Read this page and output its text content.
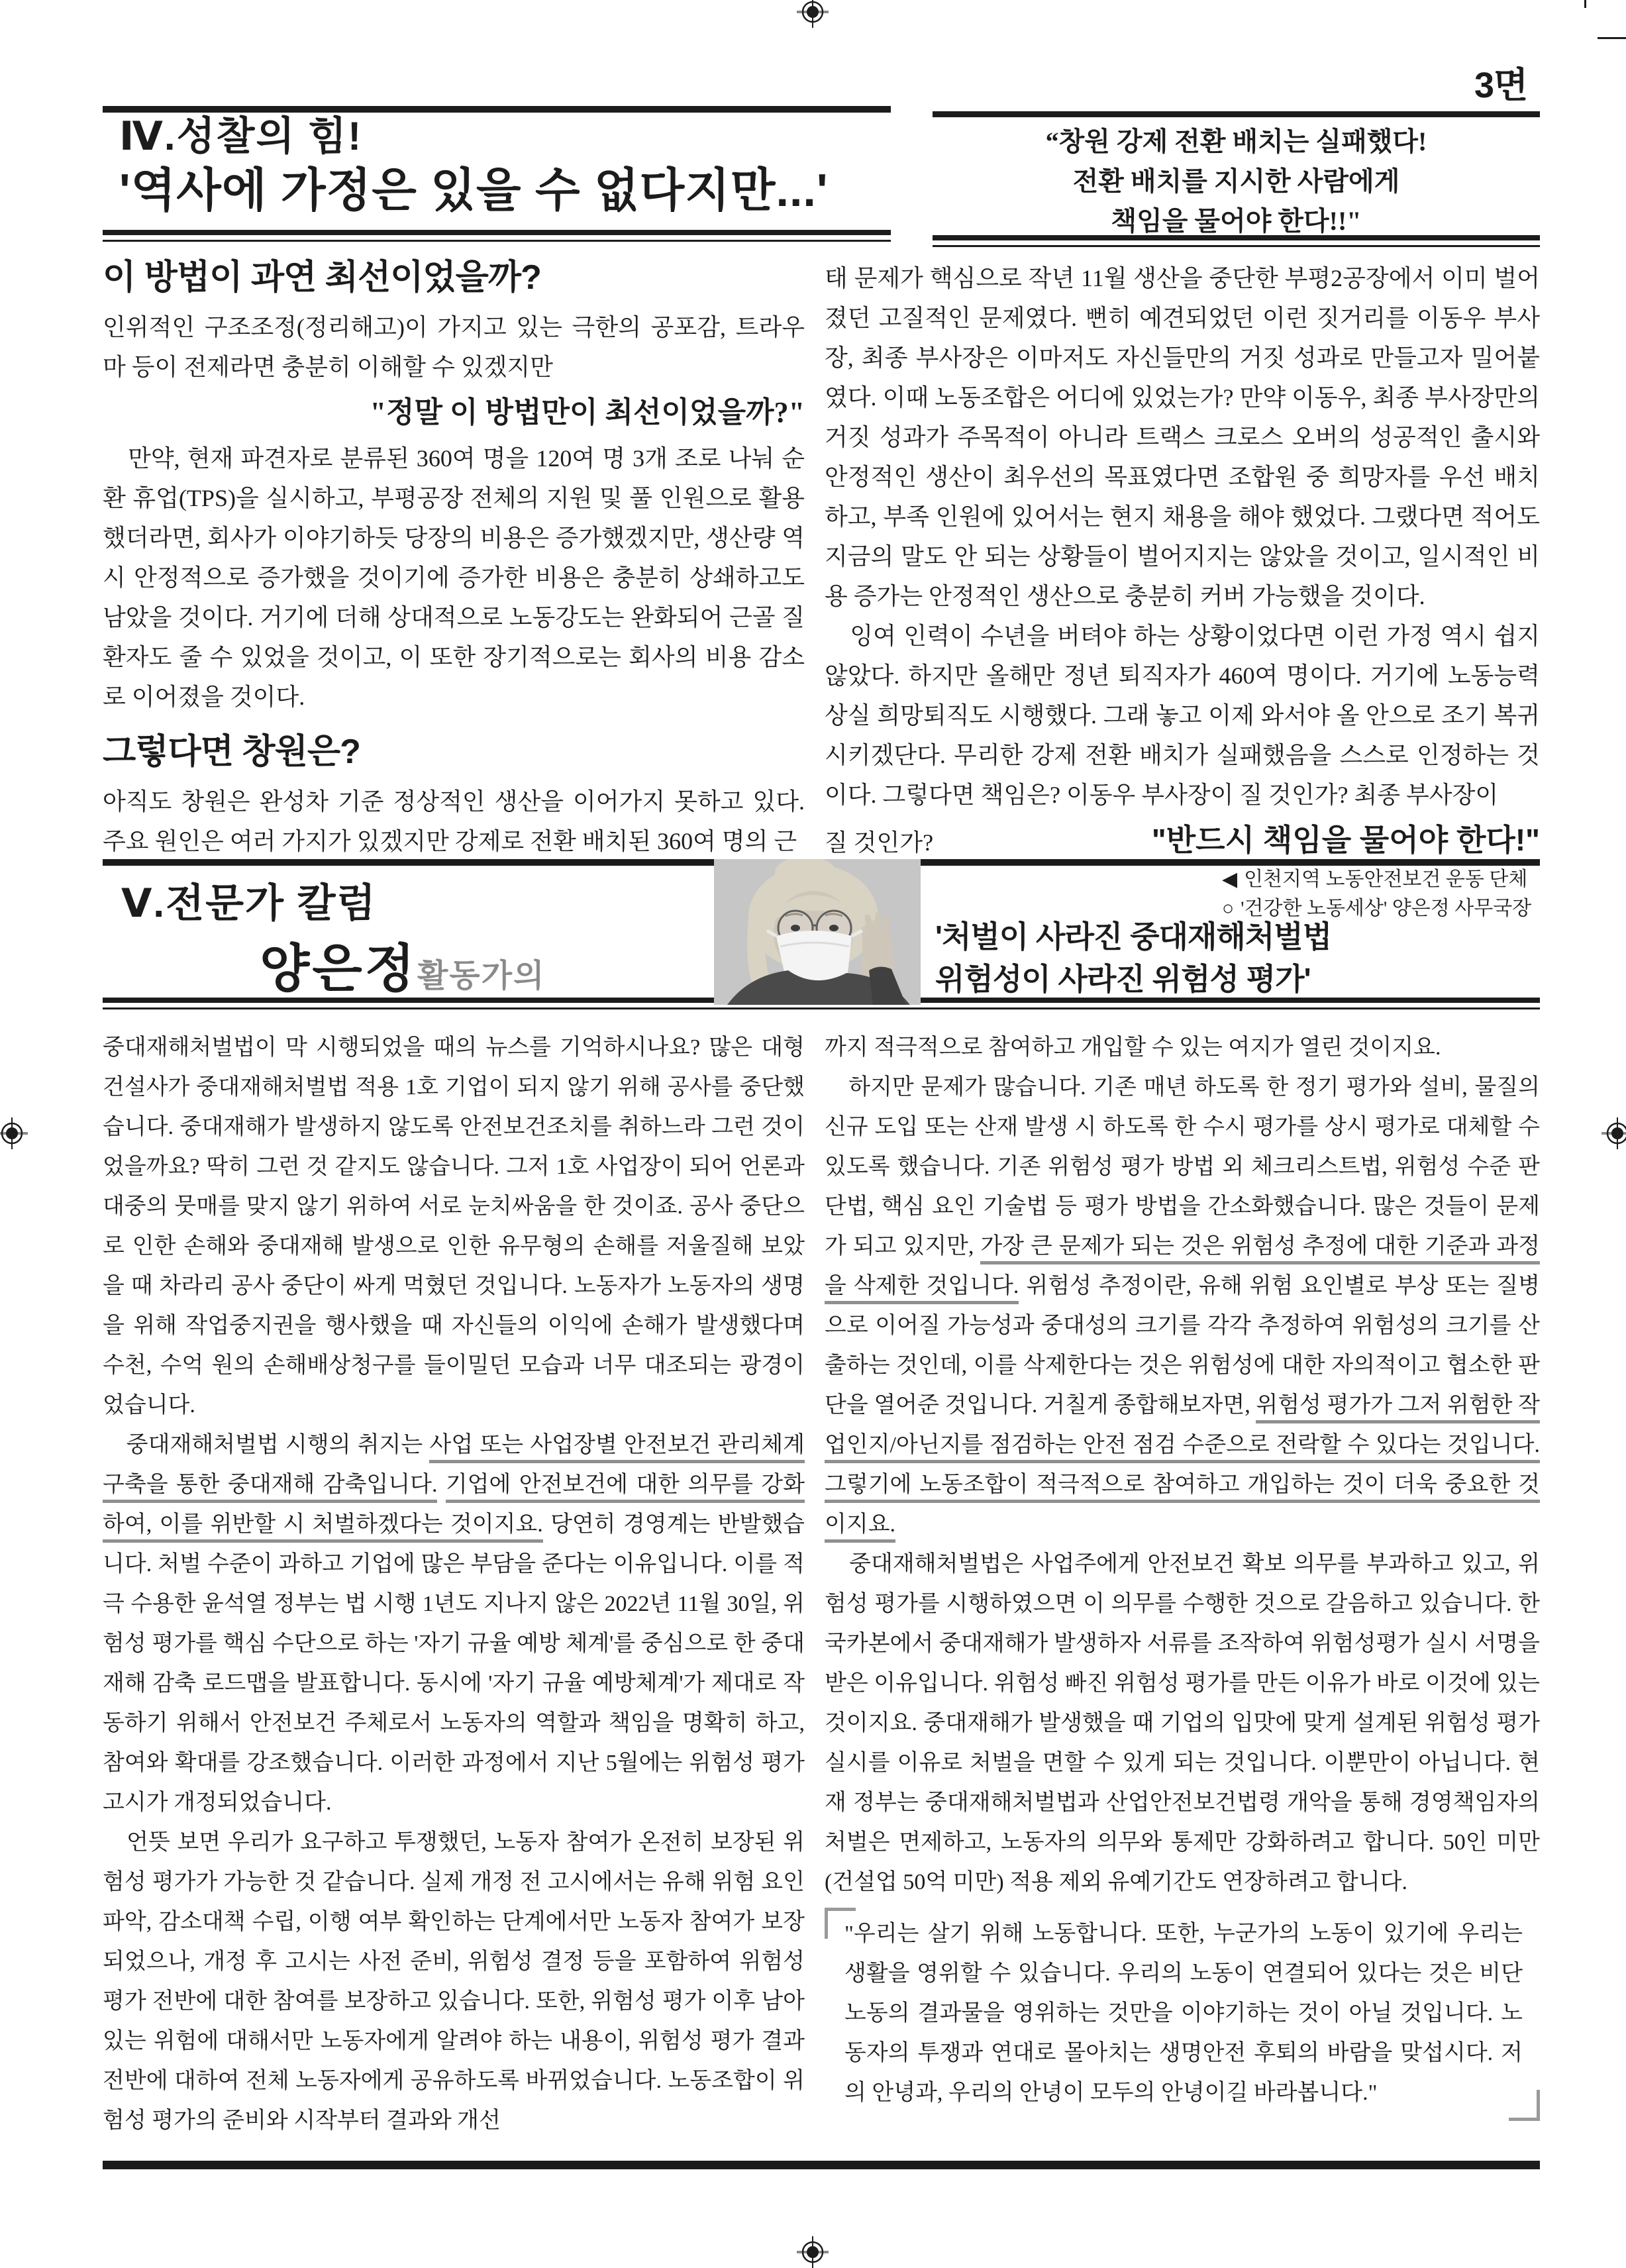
3면
Ⅳ.성찰의 힘!
'역사에 가정은 있을 수 없다지만...'
“창원 강제 전환 배치는 실패했다!
전환 배치를 지시한 사람에게
책임을 물어야 한다!!"
이 방법이 과연 최선이었을까?

인위적인 구조조정(정리해고)이 가지고 있는 극한의 공포감, 트라우마 등이 전제라면 충분히 이해할 수 있겠지만

"정말 이 방법만이 최선이었을까?"

　만약, 현재 파견자로 분류된 360여 명을 120여 명 3개 조로 나눠 순환 휴업(TPS)을 실시하고, 부평공장 전체의 지원 및 풀 인원으로 활용했더라면, 회사가 이야기하듯 당장의 비용은 증가했겠지만, 생산량 역시 안정적으로 증가했을 것이기에 증가한 비용은 충분히 상쇄하고도 남았을 것이다. 거기에 더해 상대적으로 노동강도는 완화되어 근골 질환자도 줄 수 있었을 것이고, 이 또한 장기적으로는 회사의 비용 감소로 이어졌을 것이다.

그렇다면 창원은?

아직도 창원은 완성차 기준 정상적인 생산을 이어가지 못하고 있다. 주요 원인은 여러 가지가 있겠지만 강제로 전환 배치된 360여 명의 근

태 문제가 핵심으로 작년 11월 생산을 중단한 부평2공장에서 이미 벌어졌던 고질적인 문제였다. 뻔히 예견되었던 이런 짓거리를 이동우 부사장, 최종 부사장은 이마저도 자신들만의 거짓 성과로 만들고자 밀어붙였다. 이때 노동조합은 어디에 있었는가? 만약 이동우, 최종 부사장만의 거짓 성과가 주목적이 아니라 트랙스 크로스 오버의 성공적인 출시와 안정적인 생산이 최우선의 목표였다면 조합원 중 희망자를 우선 배치하고, 부족 인원에 있어서는 현지 채용을 해야 했었다. 그랬다면 적어도 지금의 말도 안 되는 상황들이 벌어지지는 않았을 것이고, 일시적인 비용 증가는 안정적인 생산으로 충분히 커버 가능했을 것이다.

　잉여 인력이 수년을 버텨야 하는 상황이었다면 이런 가정 역시 쉽지 않았다. 하지만 올해만 정년 퇴직자가 460여 명이다. 거기에 노동능력 상실 희망퇴직도 시행했다. 그래 놓고 이제 와서야 올 안으로 조기 복귀시키겠단다. 무리한 강제 전환 배치가 실패했음을 스스로 인정하는 것이다. 그렇다면 책임은? 이동우 부사장이 질 것인가? 최종 부사장이

질 것인가?	"반드시 책임을 물어야 한다!"
Ⅴ.전문가 칼럼
양은정활동가의
◀ 인천지역 노동안전보건 운동 단체
○ '건강한 노동세상' 양은정 사무국장
'처벌이 사라진 중대재해처벌법
위험성이 사라진 위험성 평가'

중대재해처벌법이 막 시행되었을 때의 뉴스를 기억하시나요? 많은 대형 건설사가 중대재해처벌법 적용 1호 기업이 되지 않기 위해 공사를 중단했습니다. 중대재해가 발생하지 않도록 안전보건조치를 취하느라 그런 것이었을까요? 딱히 그런 것 같지도 않습니다. 그저 1호 사업장이 되어 언론과 대중의 뭇매를 맞지 않기 위하여 서로 눈치싸움을 한 것이죠. 공사 중단으로 인한 손해와 중대재해 발생으로 인한 유무형의 손해를 저울질해 보았을 때 차라리 공사 중단이 싸게 먹혔던 것입니다. 노동자가 노동자의 생명을 위해 작업중지권을 행사했을 때 자신들의 이익에 손해가 발생했다며 수천, 수억 원의 손해배상청구를 들이밀던 모습과 너무 대조되는 광경이었습니다.

　중대재해처벌법 시행의 취지는 사업 또는 사업장별 안전보건 관리체계 구축을 통한 중대재해 감축입니다. 기업에 안전보건에 대한 의무를 강화하여, 이를 위반할 시 처벌하겠다는 것이지요. 당연히 경영계는 반발했습니다. 처벌 수준이 과하고 기업에 많은 부담을 준다는 이유입니다. 이를 적극 수용한 윤석열 정부는 법 시행 1년도 지나지 않은 2022년 11월 30일, 위험성 평가를 핵심 수단으로 하는 '자기 규율 예방 체계'를 중심으로 한 중대재해 감축 로드맵을 발표합니다. 동시에 '자기 규율 예방체계'가 제대로 작동하기 위해서 안전보건 주체로서 노동자의 역할과 책임을 명확히 하고, 참여와 확대를 강조했습니다. 이러한 과정에서 지난 5월에는 위험성 평가 고시가 개정되었습니다.

　언뜻 보면 우리가 요구하고 투쟁했던, 노동자 참여가 온전히 보장된 위험성 평가가 가능한 것 같습니다. 실제 개정 전 고시에서는 유해 위험 요인 파악, 감소대책 수립, 이행 여부 확인하는 단계에서만 노동자 참여가 보장되었으나, 개정 후 고시는 사전 준비, 위험성 결정 등을 포함하여 위험성 평가 전반에 대한 참여를 보장하고 있습니다. 또한, 위험성 평가 이후 남아있는 위험에 대해서만 노동자에게 알려야 하는 내용이, 위험성 평가 결과 전반에 대하여 전체 노동자에게 공유하도록 바뀌었습니다. 노동조합이 위험성 평가의 준비와 시작부터 결과와 개선

까지 적극적으로 참여하고 개입할 수 있는 여지가 열린 것이지요.

　하지만 문제가 많습니다. 기존 매년 하도록 한 정기 평가와 설비, 물질의 신규 도입 또는 산재 발생 시 하도록 한 수시 평가를 상시 평가로 대체할 수 있도록 했습니다. 기존 위험성 평가 방법 외 체크리스트법, 위험성 수준 판단법, 핵심 요인 기술법 등 평가 방법을 간소화했습니다. 많은 것들이 문제가 되고 있지만, 가장 큰 문제가 되는 것은 위험성 추정에 대한 기준과 과정을 삭제한 것입니다. 위험성 추정이란, 유해 위험 요인별로 부상 또는 질병으로 이어질 가능성과 중대성의 크기를 각각 추정하여 위험성의 크기를 산출하는 것인데, 이를 삭제한다는 것은 위험성에 대한 자의적이고 협소한 판단을 열어준 것입니다. 거칠게 종합해보자면, 위험성 평가가 그저 위험한 작업인지/아닌지를 점검하는 안전 점검 수준으로 전락할 수 있다는 것입니다. 그렇기에 노동조합이 적극적으로 참여하고 개입하는 것이 더욱 중요한 것이지요.

　중대재해처벌법은 사업주에게 안전보건 확보 의무를 부과하고 있고, 위험성 평가를 시행하였으면 이 의무를 수행한 것으로 갈음하고 있습니다. 한국카본에서 중대재해가 발생하자 서류를 조작하여 위험성평가 실시 서명을 받은 이유입니다. 위험성 빠진 위험성 평가를 만든 이유가 바로 이것에 있는 것이지요. 중대재해가 발생했을 때 기업의 입맛에 맞게 설계된 위험성 평가 실시를 이유로 처벌을 면할 수 있게 되는 것입니다. 이뿐만이 아닙니다. 현재 정부는 중대재해처벌법과 산업안전보건법령 개악을 통해 경영책임자의 처벌은 면제하고, 노동자의 의무와 통제만 강화하려고 합니다. 50인 미만(건설업 50억 미만) 적용 제외 유예기간도 연장하려고 합니다.

"우리는 살기 위해 노동합니다. 또한, 누군가의 노동이 있기에 우리는 생활을 영위할 수 있습니다. 우리의 노동이 연결되어 있다는 것은 비단 노동의 결과물을 영위하는 것만을 이야기하는 것이 아닐 것입니다. 노동자의 투쟁과 연대로 몰아치는 생명안전 후퇴의 바람을 맞섭시다. 저의 안녕과, 우리의 안녕이 모두의 안녕이길 바라봅니다."
